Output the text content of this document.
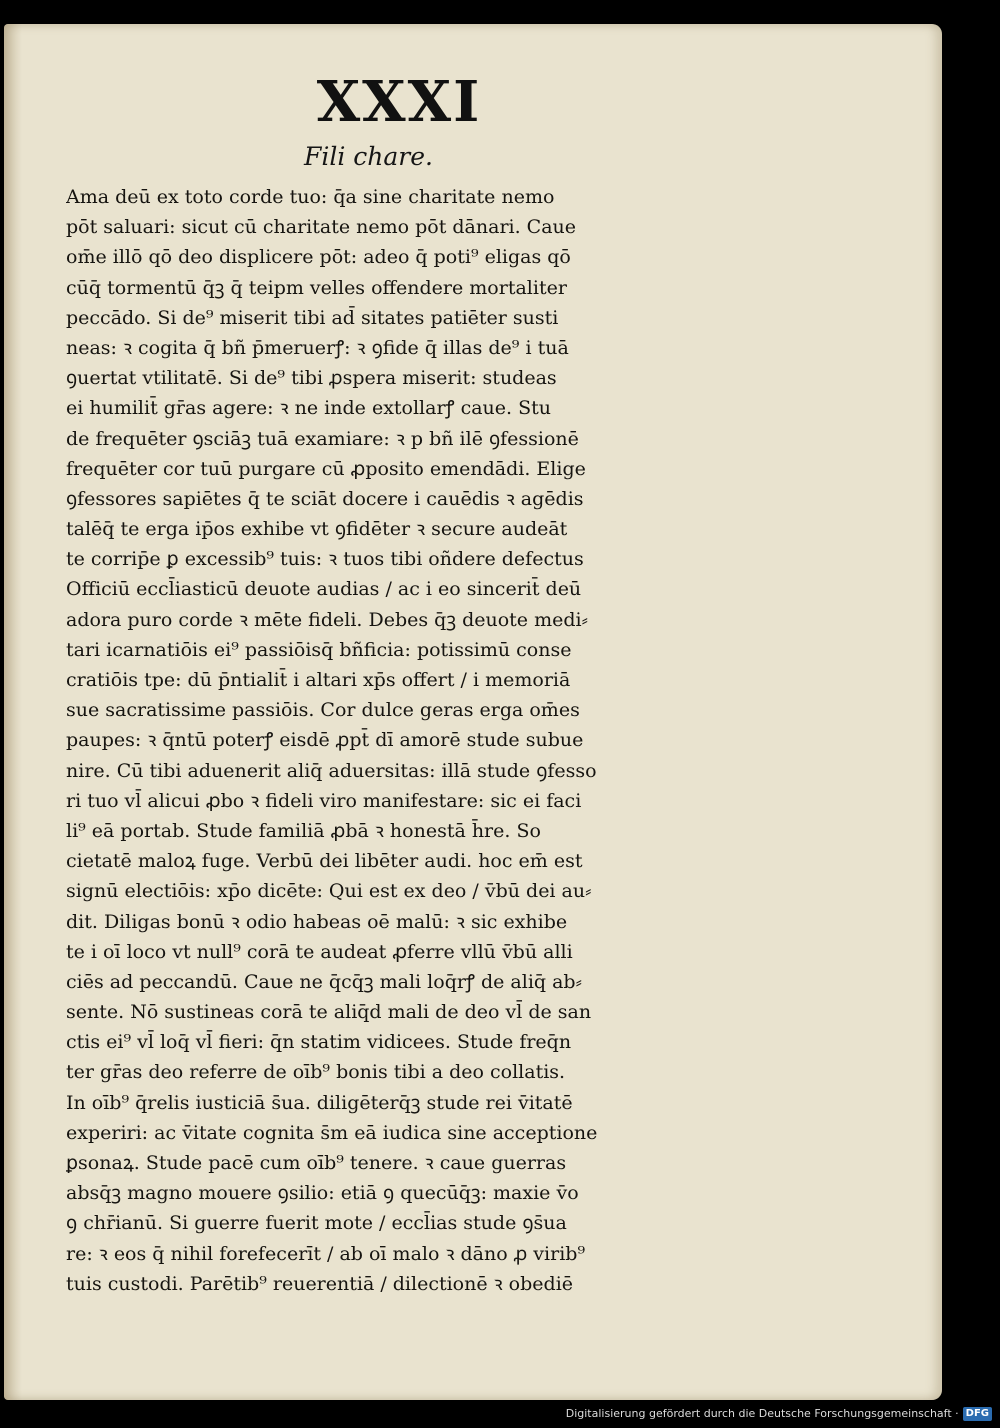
XXXI
Fili chare.
Ama deū ex toto corde tuo: q̄a sine charitate nemo
pōt saluari: sicut cū charitate nemo pōt dānari. Caue
om̄e illō qō deo displicere pōt: adeo q̄ poti⁹ eligas qō
cūq̄ tormentū q̄ꝫ q̄ teipm velles offendere mortaliter
peccādo. Si de⁹ miserit tibi ad̄ sitates patiēter susti
neas: ꝛ cogita q̄ bñ p̄meruerꝭ: ꝛ ꝯfide q̄ illas de⁹ i tuā
ꝯuertat vtilitatē. Si de⁹ tibi ꝓspera miserit: studeas
ei humilit̄ gr̄as agere: ꝛ ne inde extollarꝭ caue. Stu
de frequēter ꝯsciāꝫ tuā examiare: ꝛ p bñ ilē ꝯfessionē
frequēter cor tuū purgare cū ꝓposito emendādi. Elige
ꝯfessores sapiētes q̄ te sciāt docere i cauēdis ꝛ agēdis
talēq̄ te erga ip̄os exhibe vt ꝯfidēter ꝛ secure audeāt
te corrip̄e ꝑ excessib⁹ tuis: ꝛ tuos tibi oñdere defectus
Officiū eccl̄iasticū deuote audias / ac i eo sincerit̄ deū
adora puro corde ꝛ mēte fideli. Debes q̄ꝫ deuote medi⸗
tari icarnatiōis ei⁹ passiōisq̄ bñficia: potissimū conse
cratiōis tpe: dū p̄ntialit̄ i altari xp̄s offert / i memoriā
sue sacratissime passiōis. Cor dulce geras erga om̄es
paupes: ꝛ q̄ntū poterꝭ eisdē ꝓpt̄ dī amorē stude subue
nire. Cū tibi aduenerit aliq̄ aduersitas: illā stude ꝯfesso
ri tuo vl̄ alicui ꝓbo ꝛ fideli viro manifestare: sic ei faci
li⁹ eā portab. Stude familiā ꝓbā ꝛ honestā h̄re. So
cietatē maloꝝ fuge. Verbū dei libēter audi. hoc em̄ est
signū electiōis: xp̄o dicēte: Qui est ex deo / v̄bū dei au⸗
dit. Diligas bonū ꝛ odio habeas oē malū: ꝛ sic exhibe
te i oī loco vt null⁹ corā te audeat ꝓferre vllū v̄bū alli
ciēs ad peccandū. Caue ne q̄cq̄ꝫ mali loq̄rꝭ de aliq̄ ab⸗
sente. Nō sustineas corā te aliq̄d mali de deo vl̄ de san
ctis ei⁹ vl̄ loq̄ vl̄ fieri: q̄n statim vidicees. Stude freq̄n
ter gr̄as deo referre de oīb⁹ bonis tibi a deo collatis.
In oīb⁹ q̄relis iusticiā s̄ua. diligēterq̄ꝫ stude rei v̄itatē
experiri: ac v̄itate cognita s̄m eā iudica sine acceptione
ꝑsonaꝝ. Stude pacē cum oīb⁹ tenere. ꝛ caue guerras
absq̄ꝫ magno mouere ꝯsilio: etiā ꝯ quecūq̄ꝫ: maxie v̄o
ꝯ chr̄ianū. Si guerre fuerit mote / eccl̄ias stude ꝯs̄ua
re: ꝛ eos q̄ nihil forefecerīt / ab oī malo ꝛ dāno ꝓ virib⁹
tuis custodi. Parētib⁹ reuerentiā / dilectionē ꝛ obediē
Digitalisierung gefördert durch die Deutsche Forschungsgemeinschaft · DFG
